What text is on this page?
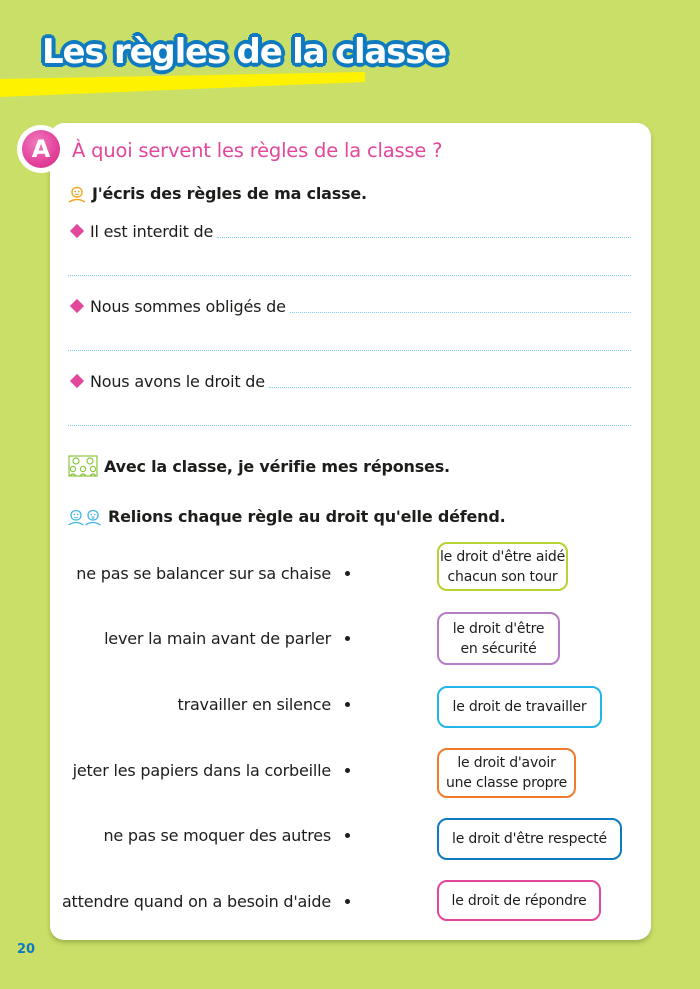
Les règles de la classe
A	À quoi servent les règles de la classe ?
J'écris des règles de ma classe.
Il est interdit de
Nous sommes obligés de
Nous avons le droit de
Avec la classe, je vérifie mes réponses.
Relions chaque règle au droit qu'elle défend.
ne pas se balancer sur sa chaise
lever la main avant de parler
travailler en silence
jeter les papiers dans la corbeille
ne pas se moquer des autres
attendre quand on a besoin d'aide
le droit d'être aidé
chacun son tour
le droit d'être
en sécurité
le droit de travailler
le droit d'avoir
une classe propre
le droit d'être respecté
le droit de répondre
20
